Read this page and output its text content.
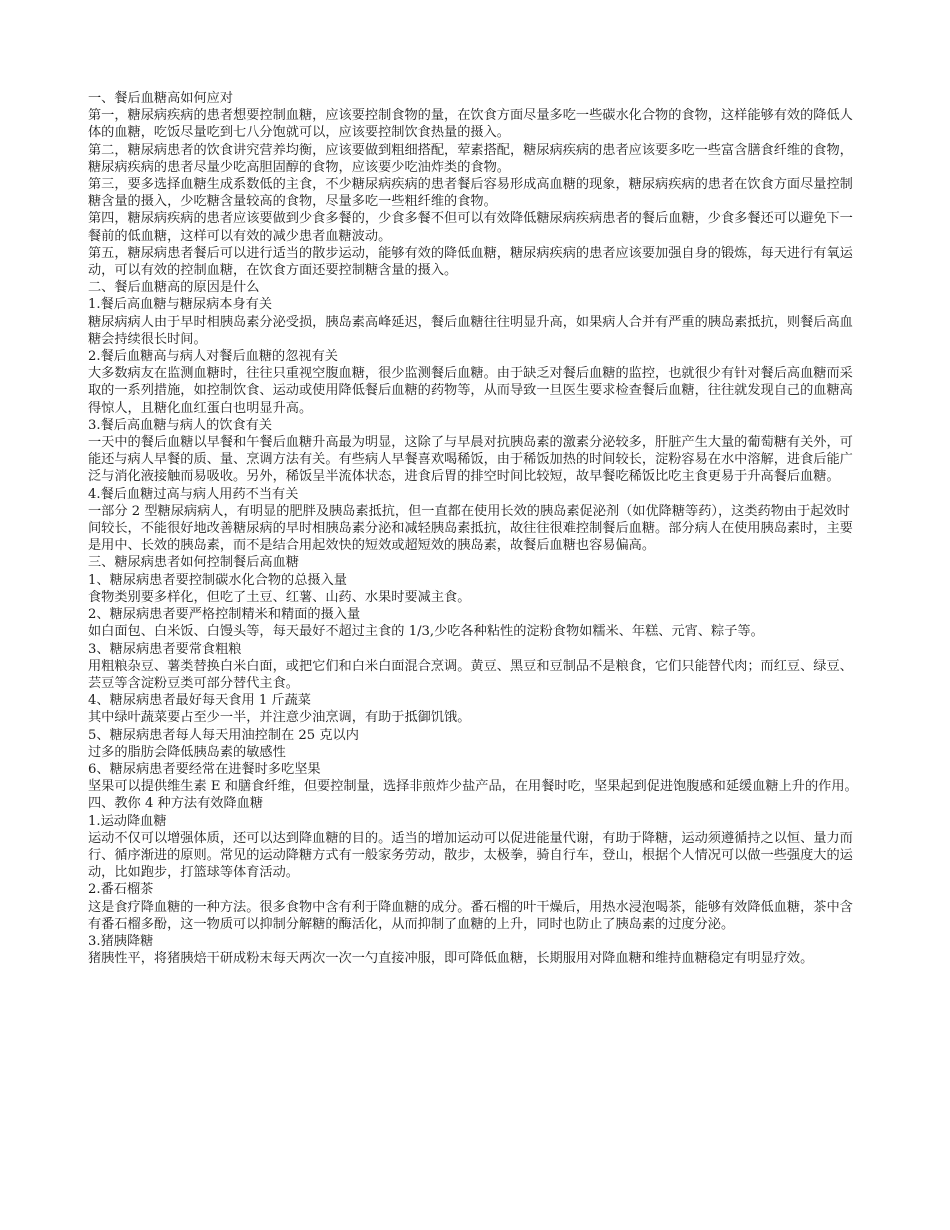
一、餐后血糖高如何应对

第一，糖尿病疾病的患者想要控制血糖，应该要控制食物的量，在饮食方面尽量多吃一些碳水化合物的食物，这样能够有效的降低人体的血糖，吃饭尽量吃到七八分饱就可以，应该要控制饮食热量的摄入。

第二，糖尿病患者的饮食讲究营养均衡，应该要做到粗细搭配，荤素搭配，糖尿病疾病的患者应该要多吃一些富含膳食纤维的食物，糖尿病疾病的患者尽量少吃高胆固醇的食物，应该要少吃油炸类的食物。

第三，要多选择血糖生成系数低的主食，不少糖尿病疾病的患者餐后容易形成高血糖的现象，糖尿病疾病的患者在饮食方面尽量控制糖含量的摄入，少吃糖含量较高的食物，尽量多吃一些粗纤维的食物。

第四，糖尿病疾病的患者应该要做到少食多餐的，少食多餐不但可以有效降低糖尿病疾病患者的餐后血糖，少食多餐还可以避免下一餐前的低血糖，这样可以有效的减少患者血糖波动。

第五，糖尿病患者餐后可以进行适当的散步运动，能够有效的降低血糖，糖尿病疾病的患者应该要加强自身的锻炼，每天进行有氧运动，可以有效的控制血糖，在饮食方面还要控制糖含量的摄入。

二、餐后血糖高的原因是什么
1.餐后高血糖与糖尿病本身有关

糖尿病病人由于早时相胰岛素分泌受损，胰岛素高峰延迟，餐后血糖往往明显升高，如果病人合并有严重的胰岛素抵抗，则餐后高血糖会持续很长时间。

2.餐后血糖高与病人对餐后血糖的忽视有关

大多数病友在监测血糖时，往往只重视空腹血糖，很少监测餐后血糖。由于缺乏对餐后血糖的监控，也就很少有针对餐后高血糖而采取的一系列措施，如控制饮食、运动或使用降低餐后血糖的药物等，从而导致一旦医生要求检查餐后血糖，往往就发现自己的血糖高得惊人，且糖化血红蛋白也明显升高。

3.餐后高血糖与病人的饮食有关

一天中的餐后血糖以早餐和午餐后血糖升高最为明显，这除了与早晨对抗胰岛素的激素分泌较多，肝脏产生大量的葡萄糖有关外，可能还与病人早餐的质、量、烹调方法有关。有些病人早餐喜欢喝稀饭，由于稀饭加热的时间较长，淀粉容易在水中溶解，进食后能广泛与消化液接触而易吸收。另外，稀饭呈半流体状态，进食后胃的排空时间比较短，故早餐吃稀饭比吃主食更易于升高餐后血糖。

4.餐后血糖过高与病人用药不当有关

一部分 2 型糖尿病病人，有明显的肥胖及胰岛素抵抗，但一直都在使用长效的胰岛素促泌剂（如优降糖等药），这类药物由于起效时间较长，不能很好地改善糖尿病的早时相胰岛素分泌和减轻胰岛素抵抗，故往往很难控制餐后血糖。部分病人在使用胰岛素时，主要是用中、长效的胰岛素，而不是结合用起效快的短效或超短效的胰岛素，故餐后血糖也容易偏高。

三、糖尿病患者如何控制餐后高血糖
1、糖尿病患者要控制碳水化合物的总摄入量

食物类别要多样化，但吃了土豆、红薯、山药、水果时要减主食。

2、糖尿病患者要严格控制精米和精面的摄入量

如白面包、白米饭、白馒头等，每天最好不超过主食的 1/3,少吃各种粘性的淀粉食物如糯米、年糕、元宵、粽子等。

3、糖尿病患者要常食粗粮

用粗粮杂豆、薯类替换白米白面，或把它们和白米白面混合烹调。黄豆、黑豆和豆制品不是粮食，它们只能替代肉；而红豆、绿豆、芸豆等含淀粉豆类可部分替代主食。

4、糖尿病患者最好每天食用 1 斤蔬菜

其中绿叶蔬菜要占至少一半，并注意少油烹调，有助于抵御饥饿。

5、糖尿病患者每人每天用油控制在 25 克以内

过多的脂肪会降低胰岛素的敏感性

6、糖尿病患者要经常在进餐时多吃坚果

坚果可以提供维生素 E 和膳食纤维，但要控制量，选择非煎炸少盐产品，在用餐时吃，坚果起到促进饱腹感和延缓血糖上升的作用。

四、教你 4 种方法有效降血糖
1.运动降血糖

运动不仅可以增强体质，还可以达到降血糖的目的。适当的增加运动可以促进能量代谢，有助于降糖，运动须遵循持之以恒、量力而行、循序渐进的原则。常见的运动降糖方式有一般家务劳动，散步，太极拳，骑自行车，登山，根据个人情况可以做一些强度大的运动，比如跑步，打篮球等体育活动。

2.番石榴茶

这是食疗降血糖的一种方法。很多食物中含有利于降血糖的成分。番石榴的叶干燥后，用热水浸泡喝茶，能够有效降低血糖，茶中含有番石榴多酚，这一物质可以抑制分解糖的酶活化，从而抑制了血糖的上升，同时也防止了胰岛素的过度分泌。

3.猪胰降糖

猪胰性平，将猪胰焙干研成粉末每天两次一次一勺直接冲服，即可降低血糖，长期服用对降血糖和维持血糖稳定有明显疗效。
